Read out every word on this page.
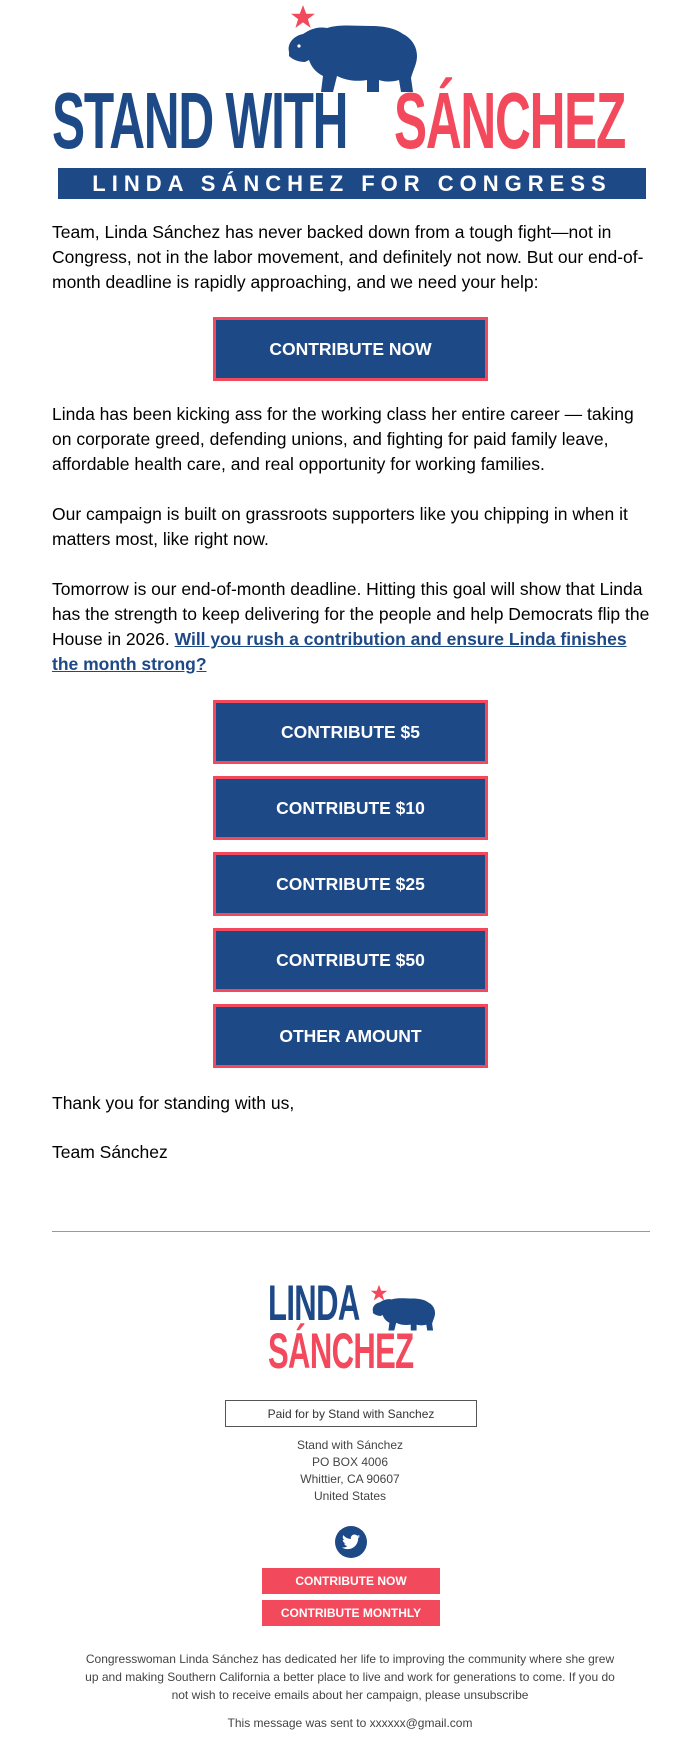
STAND WITH SÁNCHEZ
LINDA SÁNCHEZ FOR CONGRESS

Team, Linda Sánchez has never backed down from a tough fight—not in Congress, not in the labor movement, and definitely not now. But our end-of-month deadline is rapidly approaching, and we need your help:

CONTRIBUTE NOW

Linda has been kicking ass for the working class her entire career — taking on corporate greed, defending unions, and fighting for paid family leave, affordable health care, and real opportunity for working families.

Our campaign is built on grassroots supporters like you chipping in when it matters most, like right now.

Tomorrow is our end-of-month deadline. Hitting this goal will show that Linda has the strength to keep delivering for the people and help Democrats flip the House in 2026. Will you rush a contribution and ensure Linda finishes the month strong?

CONTRIBUTE $5
CONTRIBUTE $10
CONTRIBUTE $25
CONTRIBUTE $50
OTHER AMOUNT

Thank you for standing with us,

Team Sánchez

LINDA
SÁNCHEZ
Paid for by Stand with Sanchez
Stand with Sánchez
PO BOX 4006
Whittier, CA 90607
United States
CONTRIBUTE NOW
CONTRIBUTE MONTHLY

Congresswoman Linda Sánchez has dedicated her life to improving the community where she grew up and making Southern California a better place to live and work for generations to come. If you do not wish to receive emails about her campaign, please unsubscribe

This message was sent to xxxxxx@gmail.com
